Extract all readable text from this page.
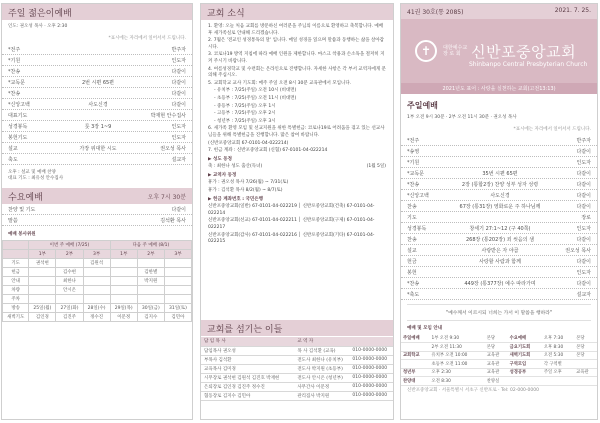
주일 젊은이예배
인도: 권오성 목사 · 오후 2:30
*표시에는 자리에서 일어서서 드립니다.
*전주	반주자
*기원	인도자
*찬송	다같이
*교독문	2번 시편 65편	다같이
*찬송	다같이
*신앙고백	사도신경	다같이
대표기도	박재현 안수집사
성경봉독	룻 3장 1~9	인도자
봉헌기도	인도자
설교	가장 위대한 시도	권오성 목사
축도	설교자
오후 : 설교 및 예배 찬양
대표 기도 : 최유성 안수집사
수요예배	오후 7시 30분
찬양 및 기도	다같이
말씀	김석환 목사
예배 봉사위원
	이번 주 예배 (7/25)			다음 주 예배 (8/1)		
	1부	2부	3부	1부	2부	3부
기도	권석현		김원석			
헌금		김수현			김한별	
안내		최한나			박지원	
차량		안시온				
주차						
방송	25일(월)	27일(화)	28일(수)	29일(목)	30일(금)	31일(토)
새벽기도	김인경	김진주	정수진	이문정	김지수	김민아
교회 소식

1. 환영: 오늘 처음 교회를 방문하신 여러분을 주님의 이름으로 환영하고 축복합니다. 예배 후 새가족실로 안내해 드리겠습니다.

2. 7월은 '전교인 성경통독의 달' 입니다. 매일 성경을 읽으며 말씀과 동행하는 삶을 살아갑시다.

3. 코로나19 방역 지침에 따라 예배 인원을 제한합니다. 마스크 착용과 손소독을 철저히 지켜 주시기 바랍니다.

4. 여름성경학교 및 수련회는 온라인으로 진행합니다. 자세한 사항은 각 부서 교역자에게 문의해 주십시오.

5. 교회학교 교사 기도회: 매주 주일 오전 8시 30분 교육관에서 모입니다.

- 유치부 : 7/25(주일) 오전 10시 (비대면)

- 초등부 : 7/25(주일) 오전 11시 (비대면)

- 중등부 : 7/25(주일) 오후 1시

- 고등부 : 7/25(주일) 오후 2시

- 청년부 : 7/25(주일) 오후 3시

6. 새가족 환영 모임 및 선교지원을 위한 특별헌금: 코로나19로 어려움을 겪고 있는 선교사님들을 위해 특별헌금을 진행합니다. 많은 참여 바랍니다.

(신반포중앙교회 67-0101-04-022214)

7. 헌금 계좌 : 신반포중앙교회 (신협) 67-0101-04-022214

▶ 성도 동정

축 : 최한나 성도 출산(득녀)	(1월 5일)

▶ 교역자 동정

휴가 : 권오성 목사 7/26(월) ~ 7/31(토)

휴가 : 김석환 목사 8/2(월) ~ 8/7(토)

▶ 헌금 계좌번호 : 국민은행

신반포중앙교회(일반) 67-0101-04-022219 │ 신반포중앙교회(건축) 67-0101-04-022214

신반포중앙교회(선교) 67-0101-04-022211 │ 신반포중앙교회(구제) 67-0101-04-022217

신반포중앙교회(감사) 67-0101-04-022216 │ 신반포중앙교회(기타) 67-0101-04-022215

교회를 섬기는 이들
담 임 목 사		교 역 자	
담임목사 권오성		목 사 김석환 (교육)	010-0000-0000
부목사 김석환		전도사 최한나 (유치부)	010-0000-0000
교육목사 김미경		전도사 박지원 (초등부)	010-0000-0000
시무장로 권석현 김원석 김진호 박재현		전도사 안시온 (청년부)	010-0000-0000
은퇴장로 김인경 김진주 정수진		사무간사 이문정	010-0000-0000
협동장로 김지수 김민아		관리집사 박지원	010-0000-0000
41권 30호(통 2085)	2021. 7. 25.
✝	대한예수교
장 로 회 신반포중앙교회
Shinbanpo Central Presbyterian Church
2021년도 표어 : 사랑을 실천하는 교회(고전13:13)
주일예배
1부 오전 9시 30분 · 2부 오전 11시 30분 · 권오성 목사
*표시에는 자리에서 일어서서 드립니다.
*전주	반주자
*송영	다같이
*기원	인도자
*교독문	35번 시편 65편	다같이
*찬송	2장 (통합2장) 찬양 성부 성자 성령	다같이
*신앙고백	사도신경	다같이
찬송	67장 (통31장) 영화로운 주 하나님께	다같이
기도	장로
성경봉독	창세기 27:1~12 (구 40쪽)	인도자
찬송	268장 (통202장) 죄 씻음의 샘	다같이
설교	사랑받은 자 야곱	권오성 목사
헌금	사랑할 사람과 함께	다같이
봉헌	인도자
*찬송	449장 (통377장) 예수 따라가며	다같이
*축도	설교자
"예수께서 이르시되 너희는 가서 이 말씀을 행하라"
예배 및 모임 안내
주일예배	1부 오전 9:30	본당	수요예배	오후 7:30	본당
	2부 오전 11:30	본당	금요기도회	오후 8:30	본당
교회학교	유치부 오전 10:00	교육관	새벽기도회	오전 5:30	본당
	초등부 오전 11:00	교육관	구역모임	각 구역별	
청년부	오후 2:30	교육관	성경공부	주일 오후	교육관
찬양대	오전 8:30	찬양실			
신반포중앙교회 · 서울특별시 서초구 신반포로 · Tel: 02-000-0000
